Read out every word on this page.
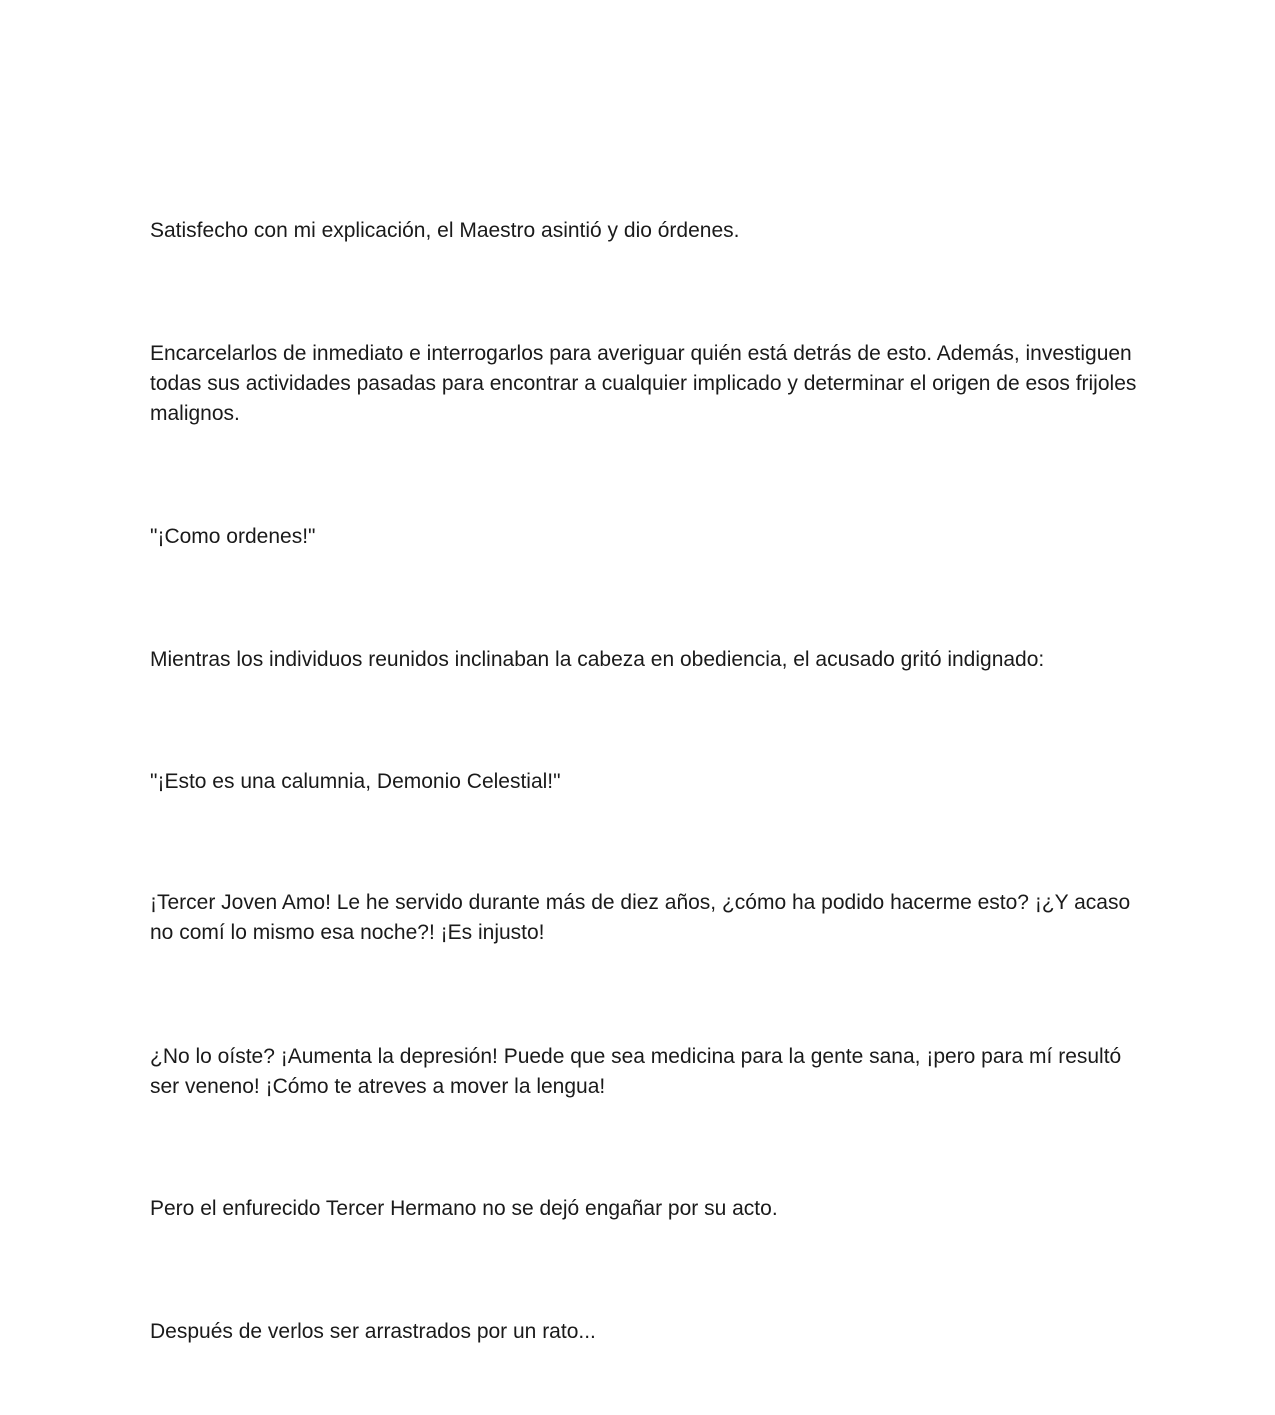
Satisfecho con mi explicación, el Maestro asintió y dio órdenes.

Encarcelarlos de inmediato e interrogarlos para averiguar quién está detrás de esto. Además, investiguen todas sus actividades pasadas para encontrar a cualquier implicado y determinar el origen de esos frijoles malignos.

"¡Como ordenes!"

Mientras los individuos reunidos inclinaban la cabeza en obediencia, el acusado gritó indignado:

"¡Esto es una calumnia, Demonio Celestial!"

¡Tercer Joven Amo! Le he servido durante más de diez años, ¿cómo ha podido hacerme esto? ¡¿Y acaso no comí lo mismo esa noche?! ¡Es injusto!

¿No lo oíste? ¡Aumenta la depresión! Puede que sea medicina para la gente sana, ¡pero para mí resultó ser veneno! ¡Cómo te atreves a mover la lengua!

Pero el enfurecido Tercer Hermano no se dejó engañar por su acto.

Después de verlos ser arrastrados por un rato...
